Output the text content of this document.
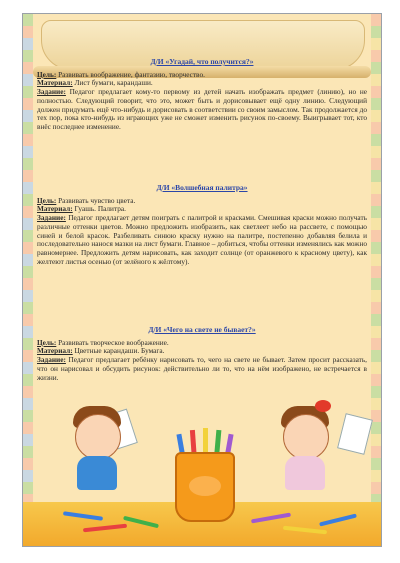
Д/И «Угадай, что получится?»

Цель: Развивать воображение, фантазию, творчество.

Материал: Лист бумаги, карандаши.

Задание: Педагог предлагает кому-то первому из детей начать изображать предмет (линию), но не полностью. Следующий говорит, что это, может быть и дорисовывает ещё одну линию. Следующий должен придумать ещё что-нибудь и дорисовать в соответствии со своим замыслом. Так продолжается до тех пор, пока кто-нибудь из играющих уже не сможет изменить рисунок по-своему. Выигрывает тот, кто внёс последнее изменение.

Д/И «Волшебная палитра»

Цель: Развивать чувство цвета.

Материал: Гуашь. Палитра.

Задание: Педагог предлагает детям поиграть с палитрой и красками. Смешивая краски можно получать различные оттенки цветов. Можно предложить изобразить, как светлеет небо на рассвете, с помощью синей и белой красок. Разбеливать синюю краску нужно на палитре, постепенно добавляя белила и последовательно нанося мазки на лист бумаги. Главное – добиться, чтобы оттенки изменялись как можно равномернее. Предложить детям нарисовать, как заходит солнце (от оранжевого к красному цвету), как желтеют листья осенью (от зелёного к жёлтому).

Д/И «Чего на свете не бывает?»

Цель: Развивать творческое воображение.

Материал: Цветные карандаши. Бумага.

Задание: Педагог предлагает ребёнку нарисовать то, чего на свете не бывает. Затем просит рассказать, что он нарисовал и обсудить рисунок: действительно ли то, что на нём изображено, не встречается в жизни.
